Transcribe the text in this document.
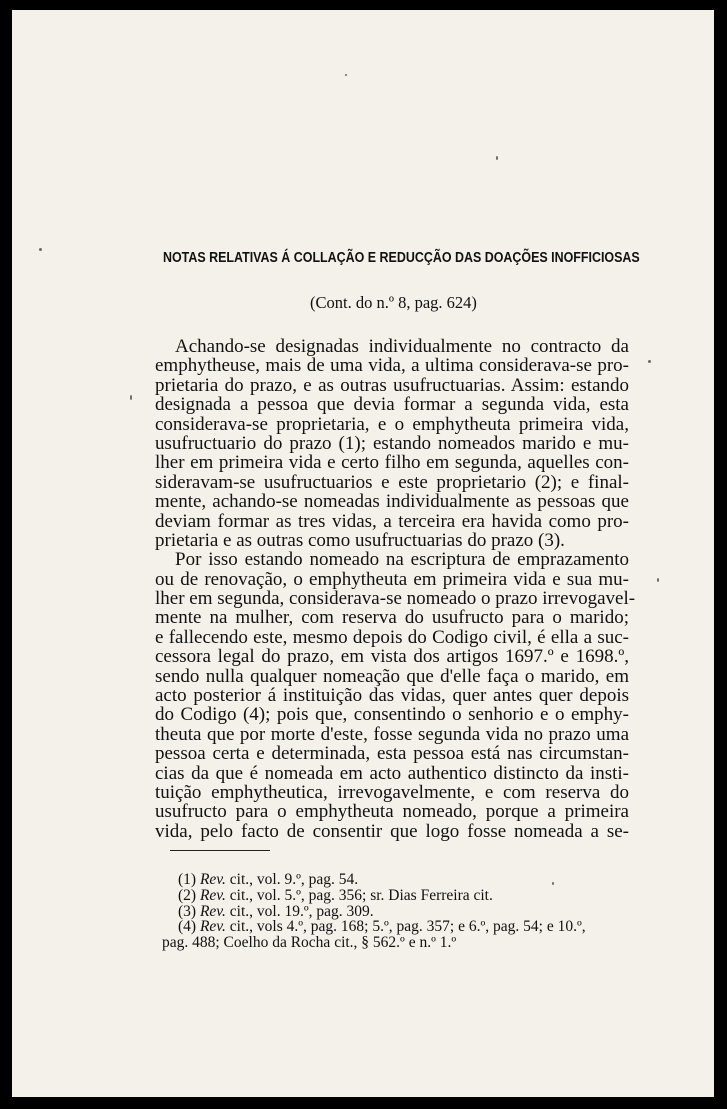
NOTAS RELATIVAS Á COLLAÇÃO E REDUCÇÃO DAS DOAÇÕES INOFFICIOSAS
(Cont. do n.º 8, pag. 624)
Achando-se designadas individualmente no contracto da
emphytheuse, mais de uma vida, a ultima considerava-se pro-
prietaria do prazo, e as outras usufructuarias. Assim: estando
designada a pessoa que devia formar a segunda vida, esta
considerava-se proprietaria, e o emphytheuta primeira vida,
usufructuario do prazo (1); estando nomeados marido e mu-
lher em primeira vida e certo filho em segunda, aquelles con-
sideravam-se usufructuarios e este proprietario (2); e final-
mente, achando-se nomeadas individualmente as pessoas que
deviam formar as tres vidas, a terceira era havida como pro-
prietaria e as outras como usufructuarias do prazo (3).
Por isso estando nomeado na escriptura de emprazamento
ou de renovação, o emphytheuta em primeira vida e sua mu-
lher em segunda, considerava-se nomeado o prazo irrevogavel-
mente na mulher, com reserva do usufructo para o marido;
e fallecendo este, mesmo depois do Codigo civil, é ella a suc-
cessora legal do prazo, em vista dos artigos 1697.º e 1698.º,
sendo nulla qualquer nomeação que d'elle faça o marido, em
acto posterior á instituição das vidas, quer antes quer depois
do Codigo (4); pois que, consentindo o senhorio e o emphy-
theuta que por morte d'este, fosse segunda vida no prazo uma
pessoa certa e determinada, esta pessoa está nas circumstan-
cias da que é nomeada em acto authentico distincto da insti-
tuição emphytheutica, irrevogavelmente, e com reserva do
usufructo para o emphytheuta nomeado, porque a primeira
vida, pelo facto de consentir que logo fosse nomeada a se-
(1) Rev. cit., vol. 9.º, pag. 54.
(2) Rev. cit., vol. 5.º, pag. 356; sr. Dias Ferreira cit.
(3) Rev. cit., vol. 19.º, pag. 309.
(4) Rev. cit., vols 4.º, pag. 168; 5.º, pag. 357; e 6.º, pag. 54; e 10.º,
pag. 488; Coelho da Rocha cit., § 562.º e n.º 1.º
